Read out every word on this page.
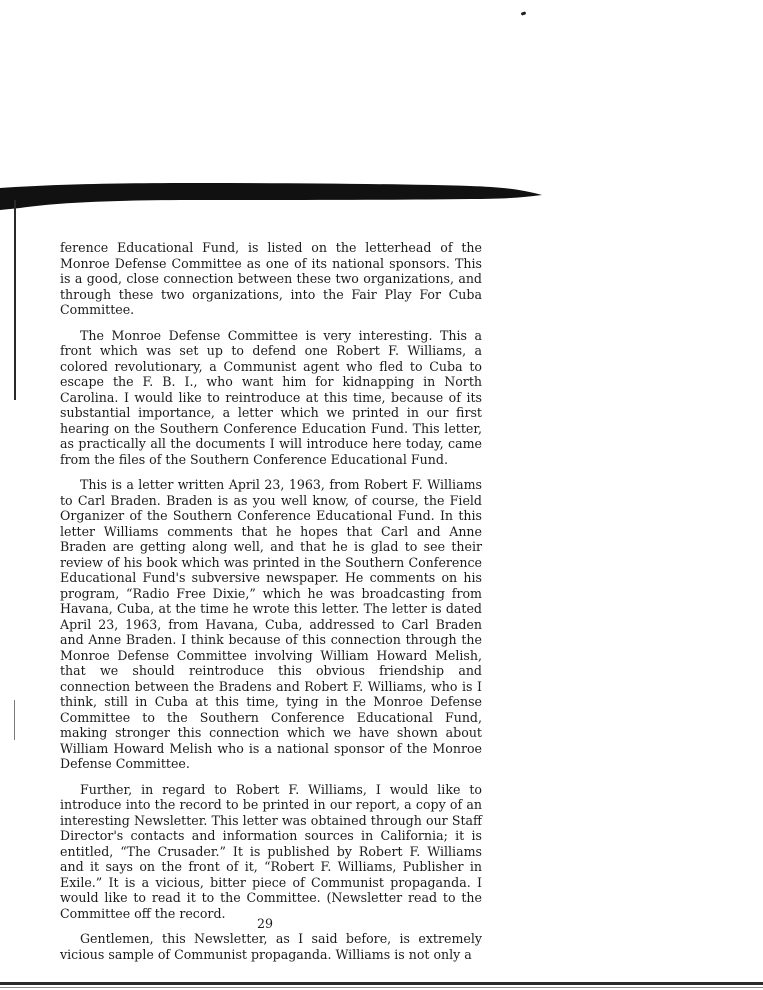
ference Educational Fund, is listed on the letterhead of the Monroe Defense Committee as one of its national sponsors. This is a good, close connection between these two organizations, and through these two organizations, into the Fair Play For Cuba Committee.

The Monroe Defense Committee is very interesting. This a front which was set up to defend one Robert F. Williams, a colored revolutionary, a Communist agent who fled to Cuba to escape the F. B. I., who want him for kidnapping in North Carolina. I would like to reintroduce at this time, because of its substantial importance, a letter which we printed in our first hearing on the Southern Conference Education Fund. This letter, as practically all the documents I will introduce here today, came from the files of the Southern Conference Educational Fund.

This is a letter written April 23, 1963, from Robert F. Williams to Carl Braden. Braden is as you well know, of course, the Field Organizer of the Southern Conference Educational Fund. In this letter Williams comments that he hopes that Carl and Anne Braden are getting along well, and that he is glad to see their review of his book which was printed in the Southern Conference Educational Fund's subversive newspaper. He comments on his program, “Radio Free Dixie,” which he was broadcasting from Havana, Cuba, at the time he wrote this letter. The letter is dated April 23, 1963, from Havana, Cuba, addressed to Carl Braden and Anne Braden. I think because of this connection through the Monroe Defense Committee involving William Howard Melish, that we should reintroduce this obvious friendship and connection between the Bradens and Robert F. Williams, who is I think, still in Cuba at this time, tying in the Monroe Defense Committee to the Southern Conference Educational Fund, making stronger this connection which we have shown about William Howard Melish who is a national sponsor of the Monroe Defense Committee.

Further, in regard to Robert F. Williams, I would like to introduce into the record to be printed in our report, a copy of an interesting Newsletter. This letter was obtained through our Staff Director's contacts and information sources in California; it is entitled, “The Crusader.” It is published by Robert F. Williams and it says on the front of it, “Robert F. Williams, Publisher in Exile.” It is a vicious, bitter piece of Communist propaganda. I would like to read it to the Committee. (Newsletter read to the Committee off the record.

Gentlemen, this Newsletter, as I said before, is extremely vicious sample of Communist propaganda. Williams is not only a

29
